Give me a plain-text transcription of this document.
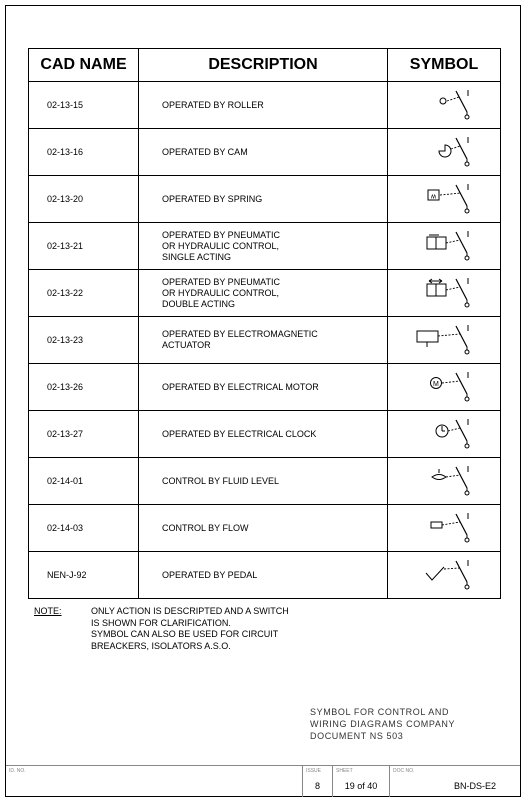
CAD NAME	DESCRIPTION	SYMBOL
02-13-15	OPERATED BY ROLLER

02-13-16	OPERATED BY CAM

02-13-20	OPERATED BY SPRING	ʍ

02-13-21	OPERATED BY PNEUMATIC
OR HYDRAULIC CONTROL,
SINGLE ACTING

02-13-22	OPERATED BY PNEUMATIC
OR HYDRAULIC CONTROL,
DOUBLE ACTING

02-13-23	OPERATED BY ELECTROMAGNETIC
ACTUATOR

02-13-26	OPERATED BY ELECTRICAL MOTOR	M

02-13-27	OPERATED BY ELECTRICAL CLOCK

02-14-01	CONTROL BY FLUID LEVEL

02-14-03	CONTROL BY FLOW

NEN-J-92	OPERATED BY PEDAL

NOTE:	ONLY ACTION IS DESCRIPTED AND A SWITCH
IS SHOWN FOR CLARIFICATION.
SYMBOL CAN ALSO BE USED FOR CIRCUIT
BREACKERS, ISOLATORS A.S.O.
SYMBOL FOR CONTROL AND
WIRING DIAGRAMS COMPANY
DOCUMENT NS 503
ID. NO.	ISSUE
8
SHEET
19 of 40
DOC NO.
BN-DS-E2
